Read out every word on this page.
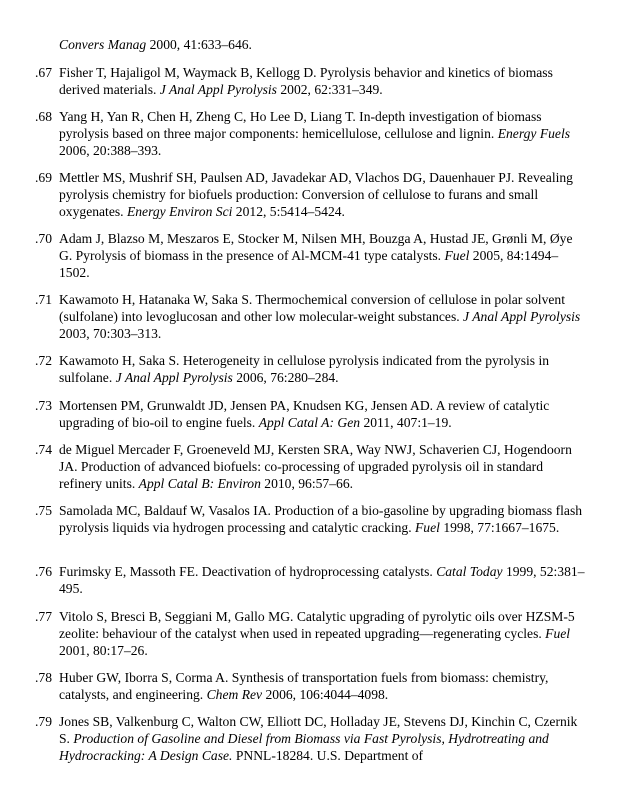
Convers Manag 2000, 41:633–646.
67. Fisher T, Hajaligol M, Waymack B, Kellogg D. Pyrolysis behavior and kinetics of biomass derived materials. J Anal Appl Pyrolysis 2002, 62:331–349.
68. Yang H, Yan R, Chen H, Zheng C, Ho Lee D, Liang T. In-depth investigation of biomass pyrolysis based on three major components: hemicellulose, cellulose and lignin. Energy Fuels 2006, 20:388–393.
69. Mettler MS, Mushrif SH, Paulsen AD, Javadekar AD, Vlachos DG, Dauenhauer PJ. Revealing pyrolysis chemistry for biofuels production: Conversion of cellulose to furans and small oxygenates. Energy Environ Sci 2012, 5:5414–5424.
70. Adam J, Blazso M, Meszaros E, Stocker M, Nilsen MH, Bouzga A, Hustad JE, Grønli M, Øye G. Pyrolysis of biomass in the presence of Al-MCM-41 type catalysts. Fuel 2005, 84:1494–1502.
71. Kawamoto H, Hatanaka W, Saka S. Thermochemical conversion of cellulose in polar solvent (sulfolane) into levoglucosan and other low molecular-weight substances. J Anal Appl Pyrolysis 2003, 70:303–313.
72. Kawamoto H, Saka S. Heterogeneity in cellulose pyrolysis indicated from the pyrolysis in sulfolane. J Anal Appl Pyrolysis 2006, 76:280–284.
73. Mortensen PM, Grunwaldt JD, Jensen PA, Knudsen KG, Jensen AD. A review of catalytic upgrading of bio-oil to engine fuels. Appl Catal A: Gen 2011, 407:1–19.
74. de Miguel Mercader F, Groeneveld MJ, Kersten SRA, Way NWJ, Schaverien CJ, Hogendoorn JA. Production of advanced biofuels: co-processing of upgraded pyrolysis oil in standard refinery units. Appl Catal B: Environ 2010, 96:57–66.
75. Samolada MC, Baldauf W, Vasalos IA. Production of a bio-gasoline by upgrading biomass flash pyrolysis liquids via hydrogen processing and catalytic cracking. Fuel 1998, 77:1667–1675.
76. Furimsky E, Massoth FE. Deactivation of hydroprocessing catalysts. Catal Today 1999, 52:381–495.
77. Vitolo S, Bresci B, Seggiani M, Gallo MG. Catalytic upgrading of pyrolytic oils over HZSM-5 zeolite: behaviour of the catalyst when used in repeated upgrading—regenerating cycles. Fuel 2001, 80:17–26.
78. Huber GW, Iborra S, Corma A. Synthesis of transportation fuels from biomass: chemistry, catalysts, and engineering. Chem Rev 2006, 106:4044–4098.
79. Jones SB, Valkenburg C, Walton CW, Elliott DC, Holladay JE, Stevens DJ, Kinchin C, Czernik S. Production of Gasoline and Diesel from Biomass via Fast Pyrolysis, Hydrotreating and Hydrocracking: A Design Case. PNNL-18284. U.S. Department of
